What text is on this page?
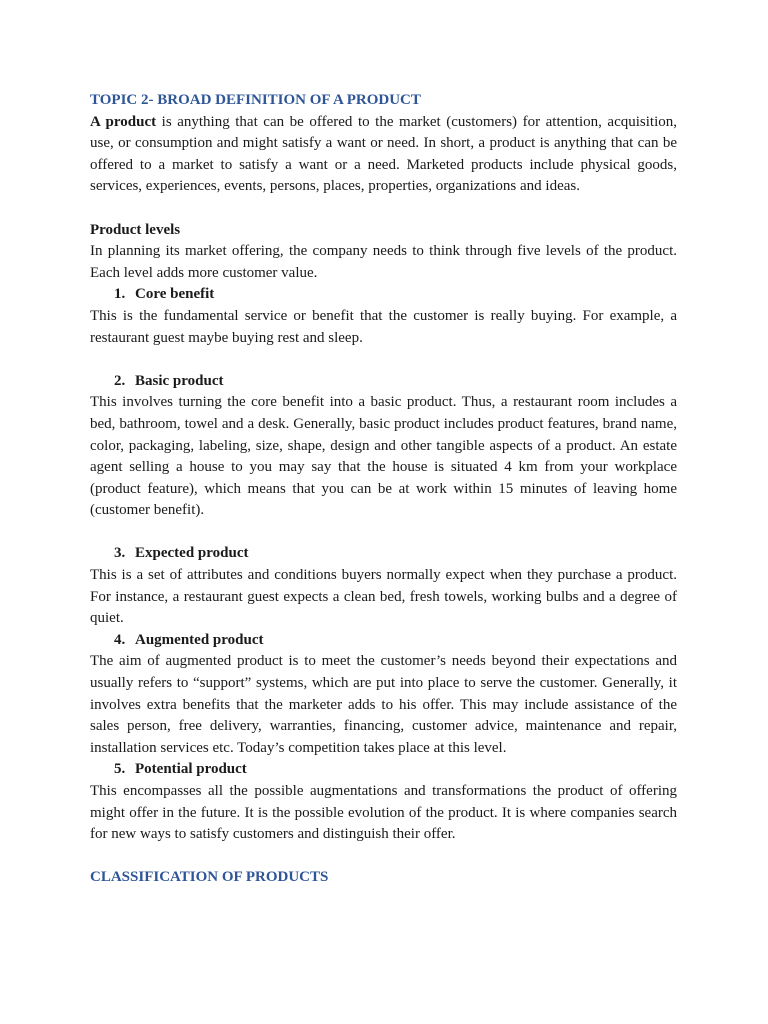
TOPIC 2- BROAD DEFINITION OF A PRODUCT

A product is anything that can be offered to the market (customers) for attention, acquisition, use, or consumption and might satisfy a want or need. In short, a product is anything that can be offered to a market to satisfy a want or a need. Marketed products include physical goods, services, experiences, events, persons, places, properties, organizations and ideas.

Product levels

In planning its market offering, the company needs to think through five levels of the product. Each level adds more customer value.

1. Core benefit

This is the fundamental service or benefit that the customer is really buying. For example, a restaurant guest maybe buying rest and sleep.

2. Basic product

This involves turning the core benefit into a basic product. Thus, a restaurant room includes a bed, bathroom, towel and a desk. Generally, basic product includes product features, brand name, color, packaging, labeling, size, shape, design and other tangible aspects of a product. An estate agent selling a house to you may say that the house is situated 4 km from your workplace (product feature), which means that you can be at work within 15 minutes of leaving home (customer benefit).

3. Expected product

This is a set of attributes and conditions buyers normally expect when they purchase a product. For instance, a restaurant guest expects a clean bed, fresh towels, working bulbs and a degree of quiet.

4. Augmented product

The aim of augmented product is to meet the customer’s needs beyond their expectations and usually refers to “support” systems, which are put into place to serve the customer. Generally, it involves extra benefits that the marketer adds to his offer. This may include assistance of the sales person, free delivery, warranties, financing, customer advice, maintenance and repair, installation services etc. Today’s competition takes place at this level.

5. Potential product

This encompasses all the possible augmentations and transformations the product of offering might offer in the future. It is the possible evolution of the product. It is where companies search for new ways to satisfy customers and distinguish their offer.

CLASSIFICATION OF PRODUCTS
